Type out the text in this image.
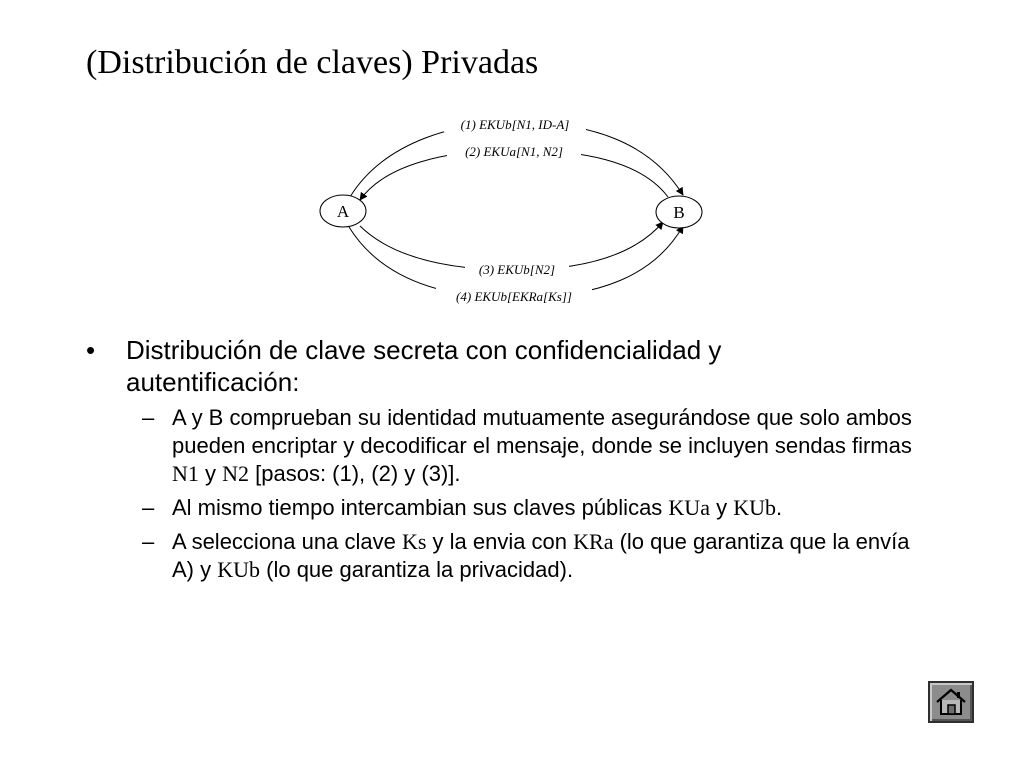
(Distribución de claves) Privadas
(1) EKUb[N1, ID-A]
(2) EKUa[N1, N2]
(3) EKUb[N2]
(4) EKUb[EKRa[Ks]]
A	B
• Distribución de clave secreta con confidencialidad y
autentificación:
– A y B comprueban su identidad mutuamente asegurándose que solo ambos pueden encriptar y decodificar el mensaje, donde se incluyen sendas firmas N1 y N2 [pasos: (1), (2) y (3)].
– Al mismo tiempo intercambian sus claves públicas KUa y KUb.
– A selecciona una clave Ks y la envia con KRa (lo que garantiza que la envía A) y KUb (lo que garantiza la privacidad).
